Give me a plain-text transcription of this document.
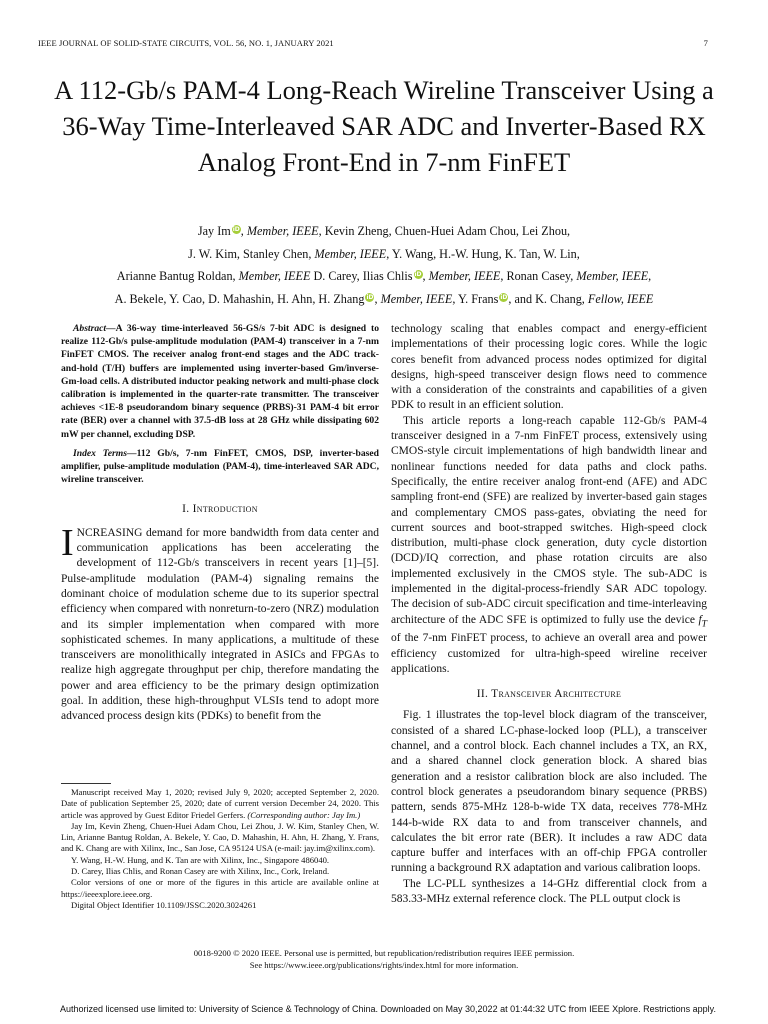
IEEE JOURNAL OF SOLID-STATE CIRCUITS, VOL. 56, NO. 1, JANUARY 2021	7
A 112-Gb/s PAM-4 Long-Reach Wireline Transceiver Using a 36-Way Time-Interleaved SAR ADC and Inverter-Based RX Analog Front-End in 7-nm FinFET
Jay Im iD, Member, IEEE, Kevin Zheng, Chuen-Huei Adam Chou, Lei Zhou,
J. W. Kim, Stanley Chen, Member, IEEE, Y. Wang, H.-W. Hung, K. Tan, W. Lin,
Arianne Bantug Roldan, Member, IEEE D. Carey, Ilias Chlis iD, Member, IEEE, Ronan Casey, Member, IEEE,
A. Bekele, Y. Cao, D. Mahashin, H. Ahn, H. Zhang iD, Member, IEEE, Y. Frans iD, and K. Chang, Fellow, IEEE

Abstract—A 36-way time-interleaved 56-GS/s 7-bit ADC is designed to realize 112-Gb/s pulse-amplitude modulation (PAM-4) transceiver in a 7-nm FinFET CMOS. The receiver analog front-end stages and the ADC track-and-hold (T/H) buffers are implemented using inverter-based Gm/inverse-Gm-load cells. A distributed inductor peaking network and multi-phase clock calibration is implemented in the quarter-rate transmitter. The transceiver achieves <1E-8 pseudorandom binary sequence (PRBS)-31 PAM-4 bit error rate (BER) over a channel with 37.5-dB loss at 28 GHz while dissipating 602 mW per channel, excluding DSP.

Index Terms—112 Gb/s, 7-nm FinFET, CMOS, DSP, inverter-based amplifier, pulse-amplitude modulation (PAM-4), time-interleaved SAR ADC, wireline transceiver.

I. Introduction

INCREASING demand for more bandwidth from data center and communication applications has been accelerating the development of 112-Gb/s transceivers in recent years [1]–[5]. Pulse-amplitude modulation (PAM-4) signaling remains the dominant choice of modulation scheme due to its superior spectral efficiency when compared with nonreturn-to-zero (NRZ) modulation and its simpler implementation when compared with more sophisticated schemes. In many applications, a multitude of these transceivers are monolithically integrated in ASICs and FPGAs to realize high aggregate throughput per chip, therefore mandating the power and area efficiency to be the primary design optimization goal. In addition, these high-throughput VLSIs tend to adopt more advanced process design kits (PDKs) to benefit from the

technology scaling that enables compact and energy-efficient implementations of their processing logic cores. While the logic cores benefit from advanced process nodes optimized for digital designs, high-speed transceiver design flows need to commence with a consideration of the constraints and capabilities of a given PDK to result in an efficient solution.

This article reports a long-reach capable 112-Gb/s PAM-4 transceiver designed in a 7-nm FinFET process, extensively using CMOS-style circuit implementations of high bandwidth linear and nonlinear functions needed for data paths and clock paths. Specifically, the entire receiver analog front-end (AFE) and ADC sampling front-end (SFE) are realized by inverter-based gain stages and complementary CMOS pass-gates, obviating the need for current sources and boot-strapped switches. High-speed clock distribution, multi-phase clock generation, duty cycle distortion (DCD)/IQ correction, and phase rotation circuits are also implemented exclusively in the CMOS style. The sub-ADC is implemented in the digital-process-friendly SAR ADC topology. The decision of sub-ADC circuit specification and time-interleaving architecture of the ADC SFE is optimized to fully use the device $f_T$ of the 7-nm FinFET process, to achieve an overall area and power efficiency customized for ultra-high-speed wireline receiver applications.

II. Transceiver Architecture

Fig. 1 illustrates the top-level block diagram of the transceiver, consisted of a shared LC-phase-locked loop (PLL), a transceiver channel, and a control block. Each channel includes a TX, an RX, and a shared channel clock generation block. A shared bias generation and a resistor calibration block are also included. The control block generates a pseudorandom binary sequence (PRBS) pattern, sends 875-MHz 128-b-wide TX data, receives 778-MHz 144-b-wide RX data to and from transceiver channels, and calculates the bit error rate (BER). It includes a raw ADC data capture buffer and interfaces with an off-chip FPGA controller running a background RX adaptation and various calibration loops.

The LC-PLL synthesizes a 14-GHz differential clock from a 583.33-MHz external reference clock. The PLL output clock is

Manuscript received May 1, 2020; revised July 9, 2020; accepted September 2, 2020. Date of publication September 25, 2020; date of current version December 24, 2020. This article was approved by Guest Editor Friedel Gerfers. (Corresponding author: Jay Im.)

Jay Im, Kevin Zheng, Chuen-Huei Adam Chou, Lei Zhou, J. W. Kim, Stanley Chen, W. Lin, Arianne Bantug Roldan, A. Bekele, Y. Cao, D. Mahashin, H. Ahn, H. Zhang, Y. Frans, and K. Chang are with Xilinx, Inc., San Jose, CA 95124 USA (e-mail: jay.im@xilinx.com).

Y. Wang, H.-W. Hung, and K. Tan are with Xilinx, Inc., Singapore 486040.

D. Carey, Ilias Chlis, and Ronan Casey are with Xilinx, Inc., Cork, Ireland.

Color versions of one or more of the figures in this article are available online at https://ieeexplore.ieee.org.

Digital Object Identifier 10.1109/JSSC.2020.3024261

0018-9200 © 2020 IEEE. Personal use is permitted, but republication/redistribution requires IEEE permission.
See https://www.ieee.org/publications/rights/index.html for more information.
Authorized licensed use limited to: University of Science & Technology of China. Downloaded on May 30,2022 at 01:44:32 UTC from IEEE Xplore. Restrictions apply.
